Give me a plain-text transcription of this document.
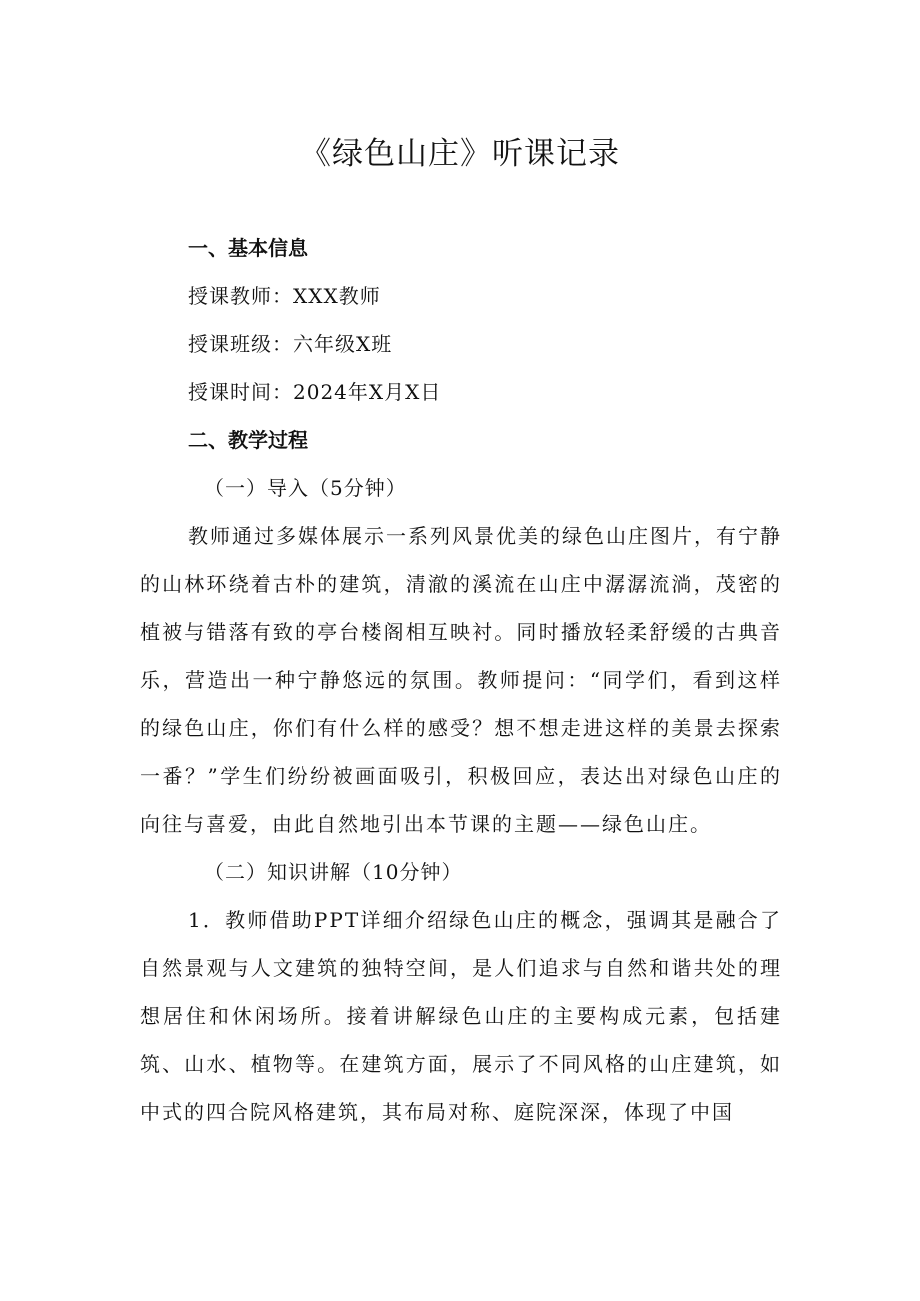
《绿色山庄》听课记录

一、基本信息

授课教师：XXX教师

授课班级：六年级X班

授课时间：2024年X月X日

二、教学过程

（一）导入（5分钟）

教师通过多媒体展示一系列风景优美的绿色山庄图片，有宁静的山林环绕着古朴的建筑，清澈的溪流在山庄中潺潺流淌，茂密的植被与错落有致的亭台楼阁相互映衬。同时播放轻柔舒缓的古典音乐，营造出一种宁静悠远的氛围。教师提问：“同学们，看到这样的绿色山庄，你们有什么样的感受？想不想走进这样的美景去探索一番？”学生们纷纷被画面吸引，积极回应，表达出对绿色山庄的向往与喜爱，由此自然地引出本节课的主题——绿色山庄。

（二）知识讲解（10分钟）

1．教师借助PPT详细介绍绿色山庄的概念，强调其是融合了自然景观与人文建筑的独特空间，是人们追求与自然和谐共处的理想居住和休闲场所。接着讲解绿色山庄的主要构成元素，包括建筑、山水、植物等。在建筑方面，展示了不同风格的山庄建筑，如中式的四合院风格建筑，其布局对称、庭院深深，体现了中国
